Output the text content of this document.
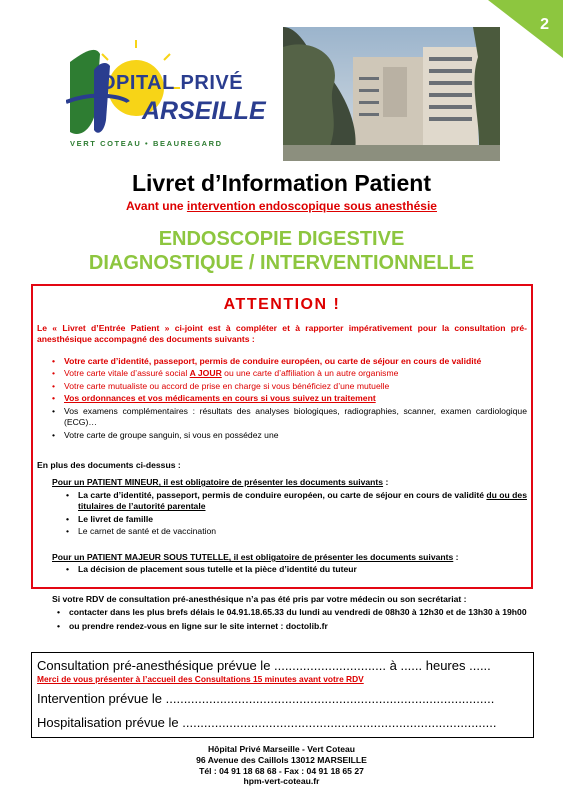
2
OPITAL PRIVÉ
ARSEILLE
VERT COTEAU • BEAUREGARD
Livret d’Information Patient
Avant une intervention endoscopique sous anesthésie
ENDOSCOPIE DIGESTIVE
DIAGNOSTIQUE / INTERVENTIONNELLE
ATTENTION !
Le « Livret d’Entrée Patient » ci-joint est à compléter et à rapporter impérativement pour la consultation pré-anesthésique accompagné des documents suivants :
• Votre carte d’identité, passeport, permis de conduire européen, ou carte de séjour en cours de validité
• Votre carte vitale d’assuré social A JOUR ou une carte d’affiliation à un autre organisme
• Votre carte mutualiste ou accord de prise en charge si vous bénéficiez d’une mutuelle
• Vos ordonnances et vos médicaments en cours si vous suivez un traitement
• Vos examens complémentaires : résultats des analyses biologiques, radiographies, scanner, examen cardiologique (ECG)…
• Votre carte de groupe sanguin, si vous en possédez une
En plus des documents ci-dessus :
Pour un PATIENT MINEUR, il est obligatoire de présenter les documents suivants :
• La carte d’identité, passeport, permis de conduire européen, ou carte de séjour en cours de validité du ou des titulaires de l’autorité parentale
• Le livret de famille
• Le carnet de santé et de vaccination
Pour un PATIENT MAJEUR SOUS TUTELLE, il est obligatoire de présenter les documents suivants :
• La décision de placement sous tutelle et la pièce d’identité du tuteur
Si votre RDV de consultation pré-anesthésique n’a pas été pris par votre médecin ou son secrétariat :
• contacter dans les plus brefs délais le 04.91.18.65.33 du lundi au vendredi de 08h30 à 12h30 et de 13h30 à 19h00
• ou prendre rendez-vous en ligne sur le site internet : doctolib.fr
Consultation pré-anesthésique prévue le ............................... à ...... heures ......
Merci de vous présenter à l’accueil des Consultations 15 minutes avant votre RDV
Intervention prévue le ...........................................................................................
Hospitalisation prévue le .......................................................................................
Hôpital Privé Marseille - Vert Coteau
96 Avenue des Caillols 13012 MARSEILLE
Tél : 04 91 18 68 68 - Fax : 04 91 18 65 27
hpm-vert-coteau.fr
